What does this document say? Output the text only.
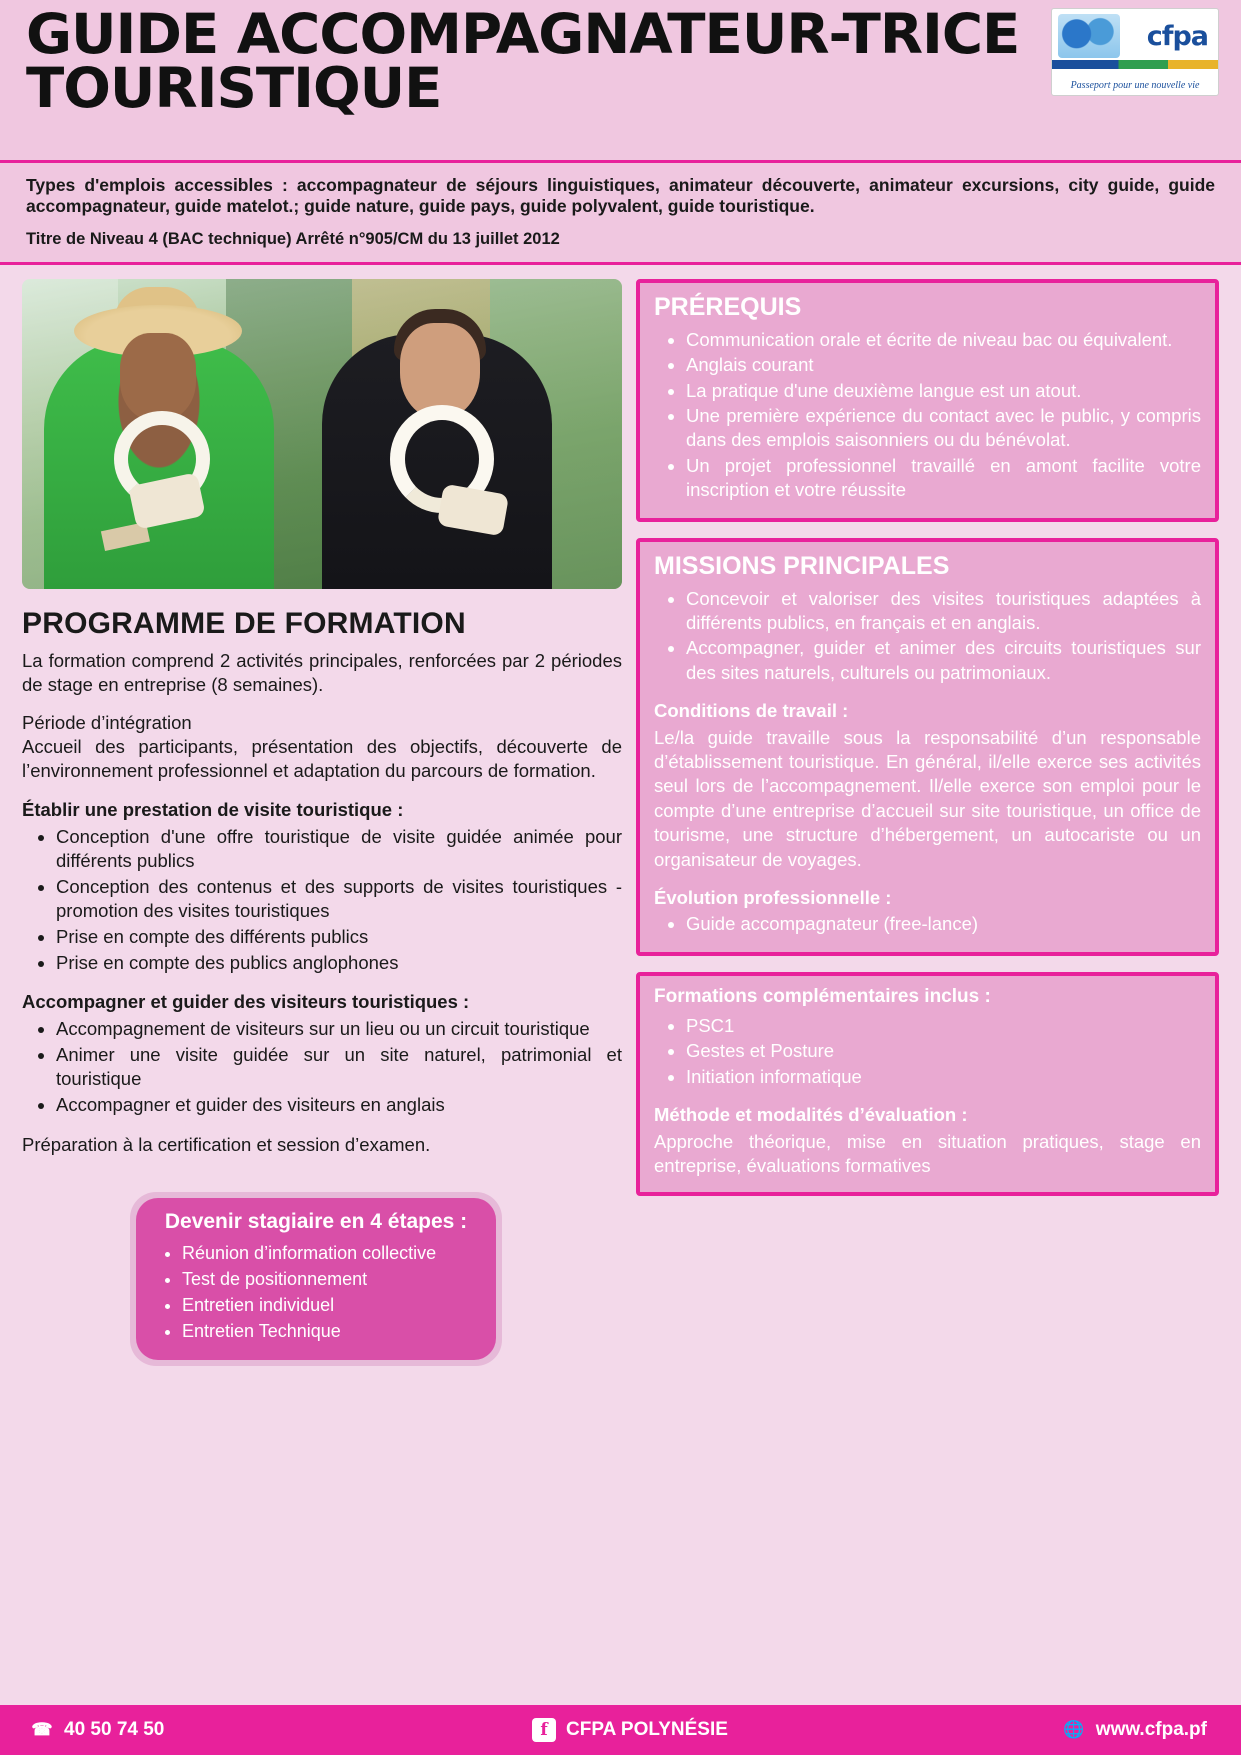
GUIDE ACCOMPAGNATEUR-TRICE
TOURISTIQUE
cfpa
Passeport pour une nouvelle vie

Types d'emplois accessibles : accompagnateur de séjours linguistiques, animateur découverte, animateur excursions, city guide, guide accompagnateur, guide matelot.; guide nature, guide pays, guide polyvalent, guide touristique.

Titre de Niveau 4 (BAC technique) Arrêté n°905/CM du 13 juillet 2012

PROGRAMME DE FORMATION

La formation comprend 2 activités principales, renforcées par 2 périodes de stage en entreprise (8 semaines).

Période d’intégration

Accueil des participants, présentation des objectifs, découverte de l’environnement professionnel et adaptation du parcours de formation.

Établir une prestation de visite touristique :

• Conception d'une offre touristique de visite guidée animée pour différents publics
• Conception des contenus et des supports de visites touristiques - promotion des visites touristiques
• Prise en compte des différents publics
• Prise en compte des publics anglophones

Accompagner et guider des visiteurs touristiques :

• Accompagnement de visiteurs sur un lieu ou un circuit touristique
• Animer une visite guidée sur un site naturel, patrimonial et touristique
• Accompagner et guider des visiteurs en anglais

Préparation à la certification et session d’examen.

Devenir stagiaire en 4 étapes :
• Réunion d’information collective
• Test de positionnement
• Entretien individuel
• Entretien Technique
PRÉREQUIS
• Communication orale et écrite de niveau bac ou équivalent.
• Anglais courant
• La pratique d'une deuxième langue est un atout.
• Une première expérience du contact avec le public, y compris dans des emplois saisonniers ou du bénévolat.
• Un projet professionnel travaillé en amont facilite votre inscription et votre réussite
MISSIONS PRINCIPALES
• Concevoir et valoriser des visites touristiques adaptées à différents publics, en français et en anglais.
• Accompagner, guider et animer des circuits touristiques sur des sites naturels, culturels ou patrimoniaux.

Conditions de travail :

Le/la guide travaille sous la responsabilité d’un responsable d’établissement touristique. En général, il/elle exerce ses activités seul lors de l’accompagnement. Il/elle exerce son emploi pour le compte d’une entreprise d’accueil sur site touristique, un office de tourisme, une structure d’hébergement, un autocariste ou un organisateur de voyages.

Évolution professionnelle :

• Guide accompagnateur (free-lance)
Formations complémentaires inclus :
• PSC1
• Gestes et Posture
• Initiation informatique

Méthode et modalités d’évaluation :

Approche théorique, mise en situation pratiques, stage en entreprise, évaluations formatives

☎ 40 50 74 50	f CFPA POLYNÉSIE	🌐 www.cfpa.pf
